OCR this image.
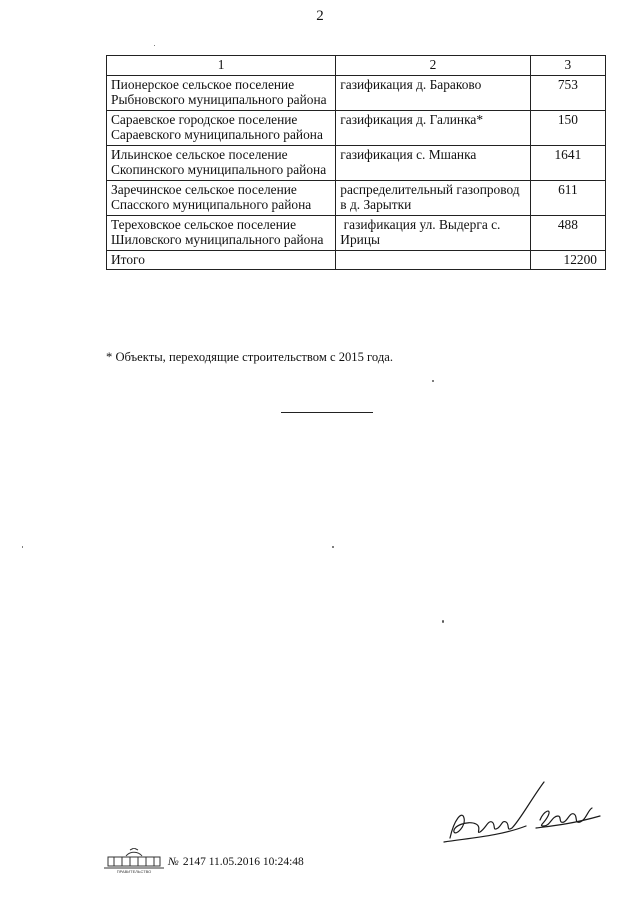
2
1	2	3
Пионерское сельское поселение Рыбновского муниципального района	газификация д. Бараково	753
Сараевское городское поселение Сараевского муниципального района	газификация д. Галинка*	150
Ильинское сельское поселение Скопинского муниципального района	газификация с. Мшанка	1641
Заречинское сельское поселение Спасского муниципального района	распределительный газопровод в д. Зарытки	611
Тереховское сельское поселение Шиловского муниципального района	газификация ул. Выдерга с. Ирицы	488
Итого		12200
* Объекты, переходящие строительством с 2015 года.
ПРАВИТЕЛЬСТВО
№ 2147 11.05.2016 10:24:48
